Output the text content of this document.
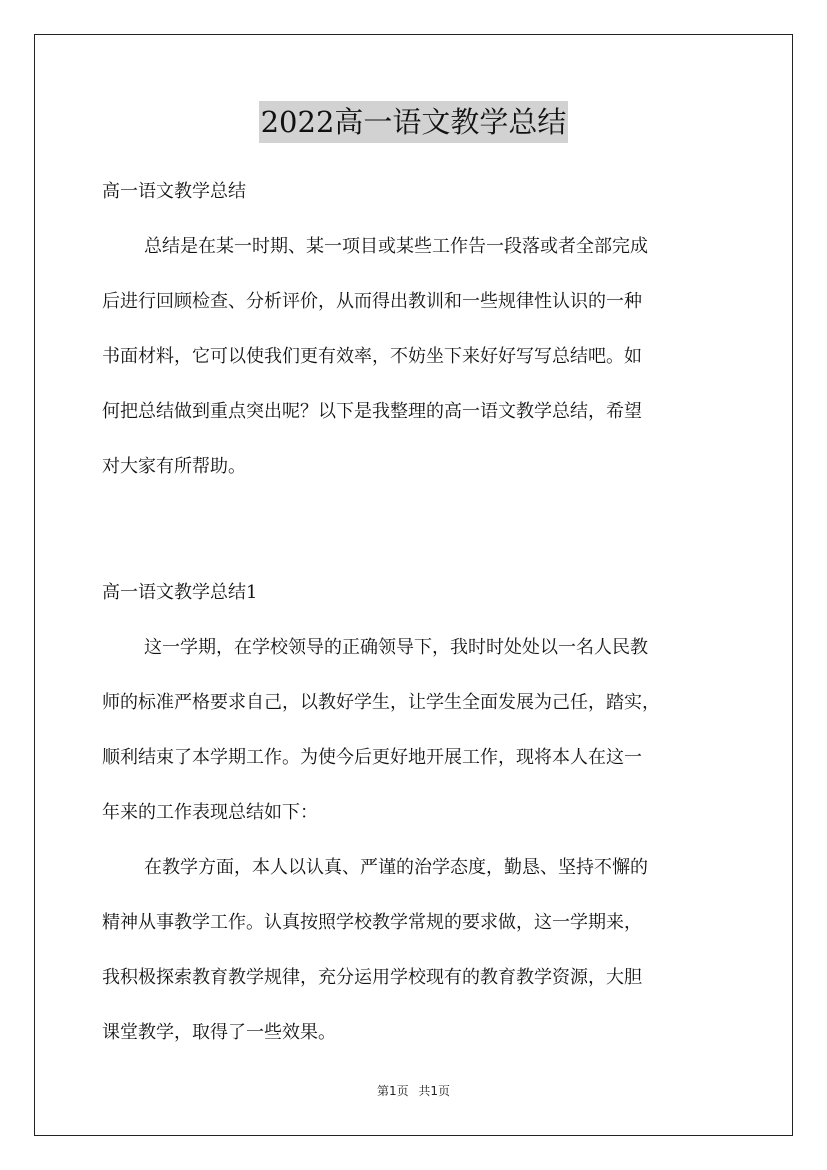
2022高一语文教学总结
高一语文教学总结
总结是在某一时期、某一项目或某些工作告一段落或者全部完成
后进行回顾检查、分析评价，从而得出教训和一些规律性认识的一种
书面材料，它可以使我们更有效率，不妨坐下来好好写写总结吧。如
何把总结做到重点突出呢？以下是我整理的高一语文教学总结，希望
对大家有所帮助。
高一语文教学总结1
这一学期，在学校领导的正确领导下，我时时处处以一名人民教
师的标准严格要求自己，以教好学生，让学生全面发展为己任，踏实，
顺利结束了本学期工作。为使今后更好地开展工作，现将本人在这一
年来的工作表现总结如下：
在教学方面，本人以认真、严谨的治学态度，勤恳、坚持不懈的
精神从事教学工作。认真按照学校教学常规的要求做，这一学期来，
我积极探索教育教学规律，充分运用学校现有的教育教学资源，大胆
课堂教学，取得了一些效果。
第1页 共1页
